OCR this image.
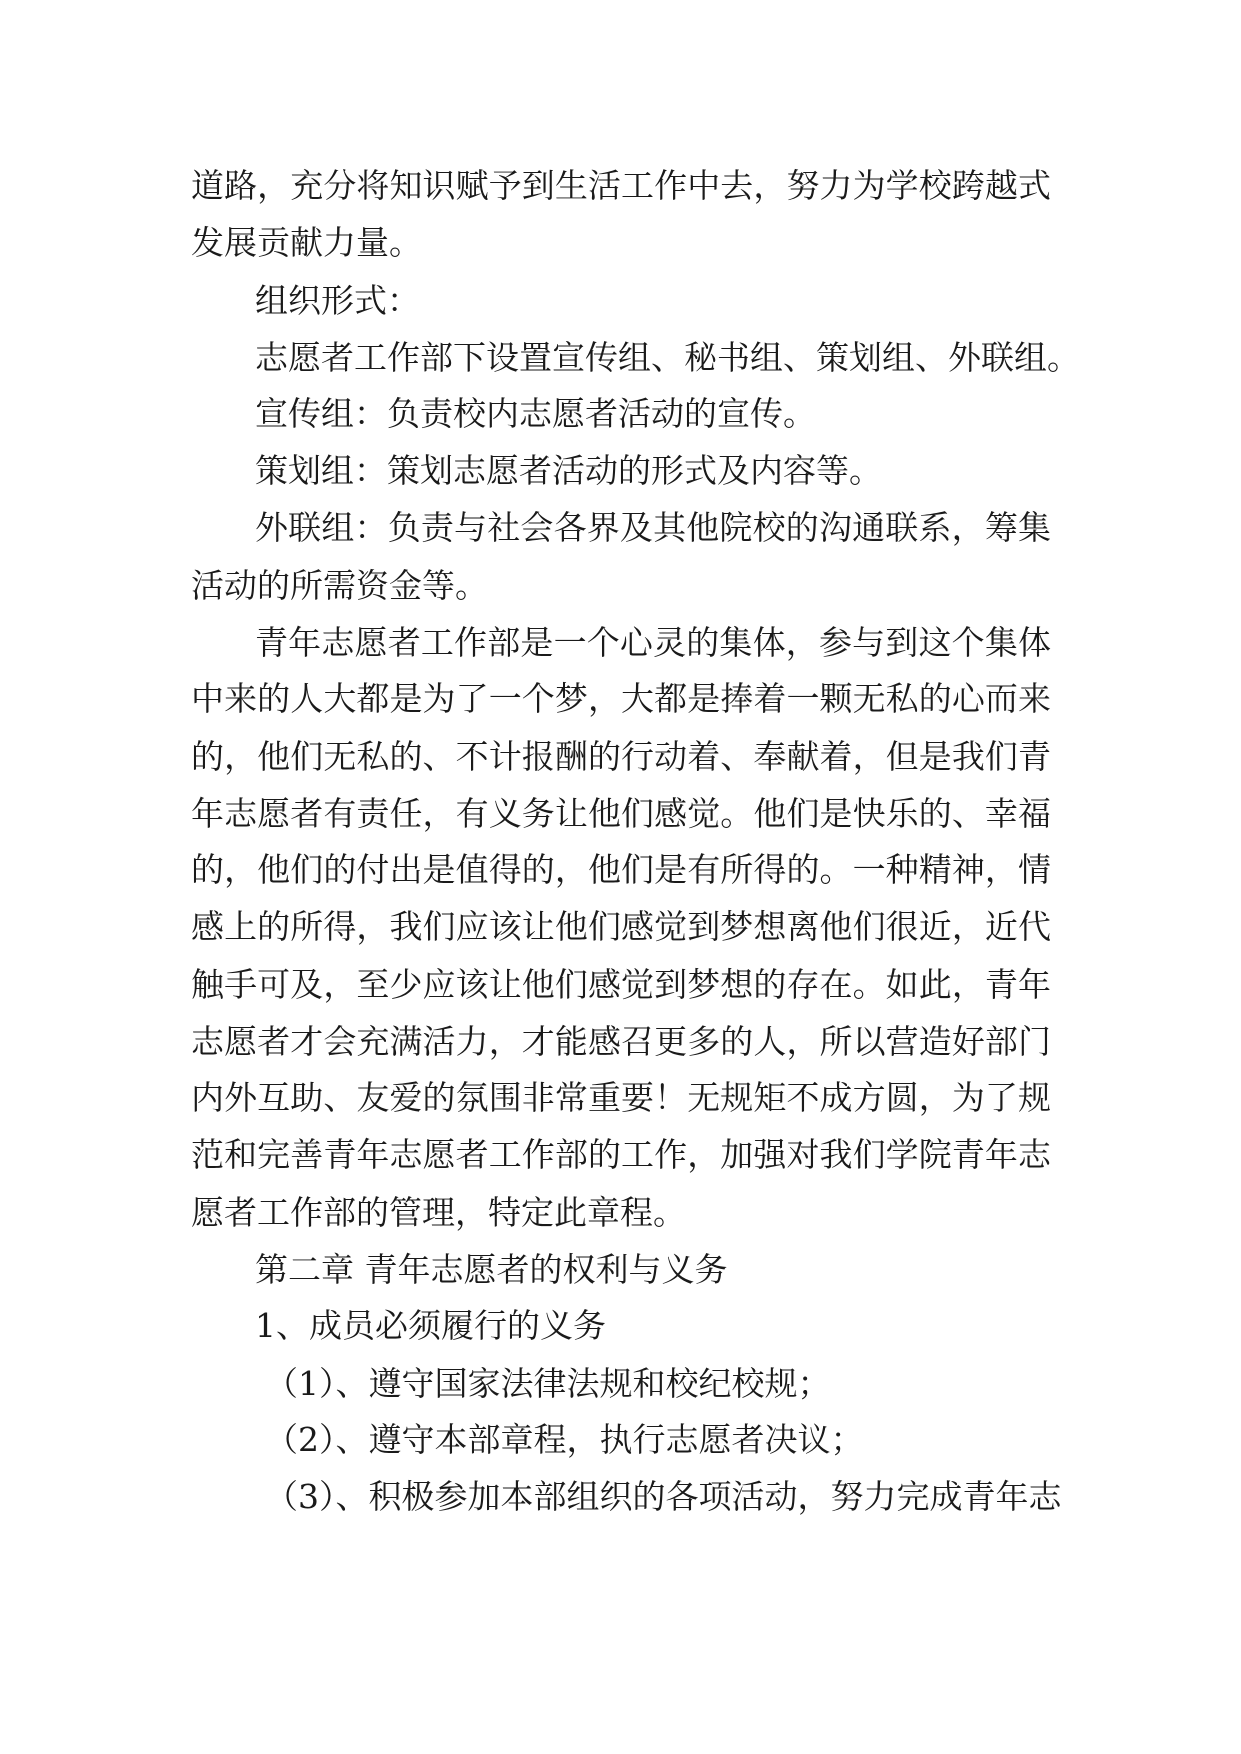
道路，充分将知识赋予到生活工作中去，努力为学校跨越式
发展贡献力量。
组织形式：
志愿者工作部下设置宣传组、秘书组、策划组、外联组。
宣传组：负责校内志愿者活动的宣传。
策划组：策划志愿者活动的形式及内容等。
外联组：负责与社会各界及其他院校的沟通联系，筹集
活动的所需资金等。
青年志愿者工作部是一个心灵的集体，参与到这个集体
中来的人大都是为了一个梦，大都是捧着一颗无私的心而来
的，他们无私的、不计报酬的行动着、奉献着，但是我们青
年志愿者有责任，有义务让他们感觉。他们是快乐的、幸福
的，他们的付出是值得的，他们是有所得的。一种精神，情
感上的所得，我们应该让他们感觉到梦想离他们很近，近代
触手可及，至少应该让他们感觉到梦想的存在。如此，青年
志愿者才会充满活力，才能感召更多的人，所以营造好部门
内外互助、友爱的氛围非常重要！无规矩不成方圆，为了规
范和完善青年志愿者工作部的工作，加强对我们学院青年志
愿者工作部的管理，特定此章程。
第二章 青年志愿者的权利与义务
1、成员必须履行的义务
（1）、遵守国家法律法规和校纪校规；
（2）、遵守本部章程，执行志愿者决议；
（3）、积极参加本部组织的各项活动，努力完成青年志
